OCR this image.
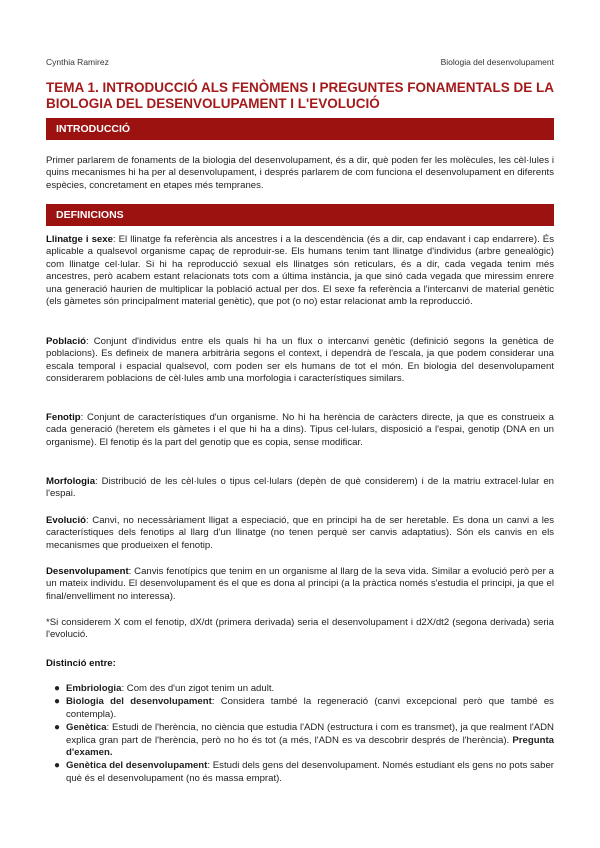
Cynthia Ramirez	Biologia del desenvolupament
TEMA 1. INTRODUCCIÓ ALS FENÒMENS I PREGUNTES FONAMENTALS DE LA BIOLOGIA DEL DESENVOLUPAMENT I L'EVOLUCIÓ
INTRODUCCIÓ

Primer parlarem de fonaments de la biologia del desenvolupament, és a dir, què poden fer les molècules, les cèl·lules i quins mecanismes hi ha per al desenvolupament, i després parlarem de com funciona el desenvolupament en diferents espècies, concretament en etapes més tempranes.

DEFINICIONS

Llinatge i sexe: El llinatge fa referència als ancestres i a la descendència (és a dir, cap endavant i cap endarrere). És aplicable a qualsevol organisme capaç de reproduir-se. Els humans tenim tant llinatge d'individus (arbre genealògic) com llinatge cel·lular. Si hi ha reproducció sexual els llinatges són reticulars, és a dir, cada vegada tenim més ancestres, però acabem estant relacionats tots com a última instància, ja que sinó cada vegada que miressim enrere una generació haurien de multiplicar la població actual per dos. El sexe fa referència a l'intercanvi de material genètic (els gàmetes són principalment material genètic), que pot (o no) estar relacionat amb la reproducció.

Població: Conjunt d'individus entre els quals hi ha un flux o intercanvi genètic (definició segons la genètica de poblacions). Es defineix de manera arbitrària segons el context, i dependrà de l'escala, ja que podem considerar una escala temporal i espacial qualsevol, com poden ser els humans de tot el món. En biologia del desenvolupament considerarem poblacions de cèl·lules amb una morfologia i característiques similars.

Fenotip: Conjunt de característiques d'un organisme. No hi ha herència de caràcters directe, ja que es construeix a cada generació (heretem els gàmetes i el que hi ha a dins). Tipus cel·lulars, disposició a l'espai, genotip (DNA en un organisme). El fenotip és la part del genotip que es copia, sense modificar.

Morfologia: Distribució de les cèl·lules o tipus cel·lulars (depèn de què considerem) i de la matriu extracel·lular en l'espai.

Evolució: Canvi, no necessàriament lligat a especiació, que en principi ha de ser heretable. Es dona un canvi a les característiques dels fenotips al llarg d'un llinatge (no tenen perquè ser canvis adaptatius). Són els canvis en els mecanismes que produeixen el fenotip.

Desenvolupament: Canvis fenotípics que tenim en un organisme al llarg de la seva vida. Similar a evolució però per a un mateix individu. El desenvolupament és el que es dona al principi (a la pràctica només s'estudia el principi, ja que el final/envelliment no interessa).

*Si considerem X com el fenotip, dX/dt (primera derivada) seria el desenvolupament i d2X/dt2 (segona derivada) seria l'evolució.

Distinció entre:

● Embriologia: Com des d'un zigot tenim un adult.
● Biologia del desenvolupament: Considera també la regeneració (canvi excepcional però que també es contempla).
● Genètica: Estudi de l'herència, no ciència que estudia l'ADN (estructura i com es transmet), ja que realment l'ADN explica gran part de l'herència, però no ho és tot (a més, l'ADN es va descobrir després de l'herència). Pregunta d'examen.
● Genètica del desenvolupament: Estudi dels gens del desenvolupament. Només estudiant els gens no pots saber què és el desenvolupament (no és massa emprat).
